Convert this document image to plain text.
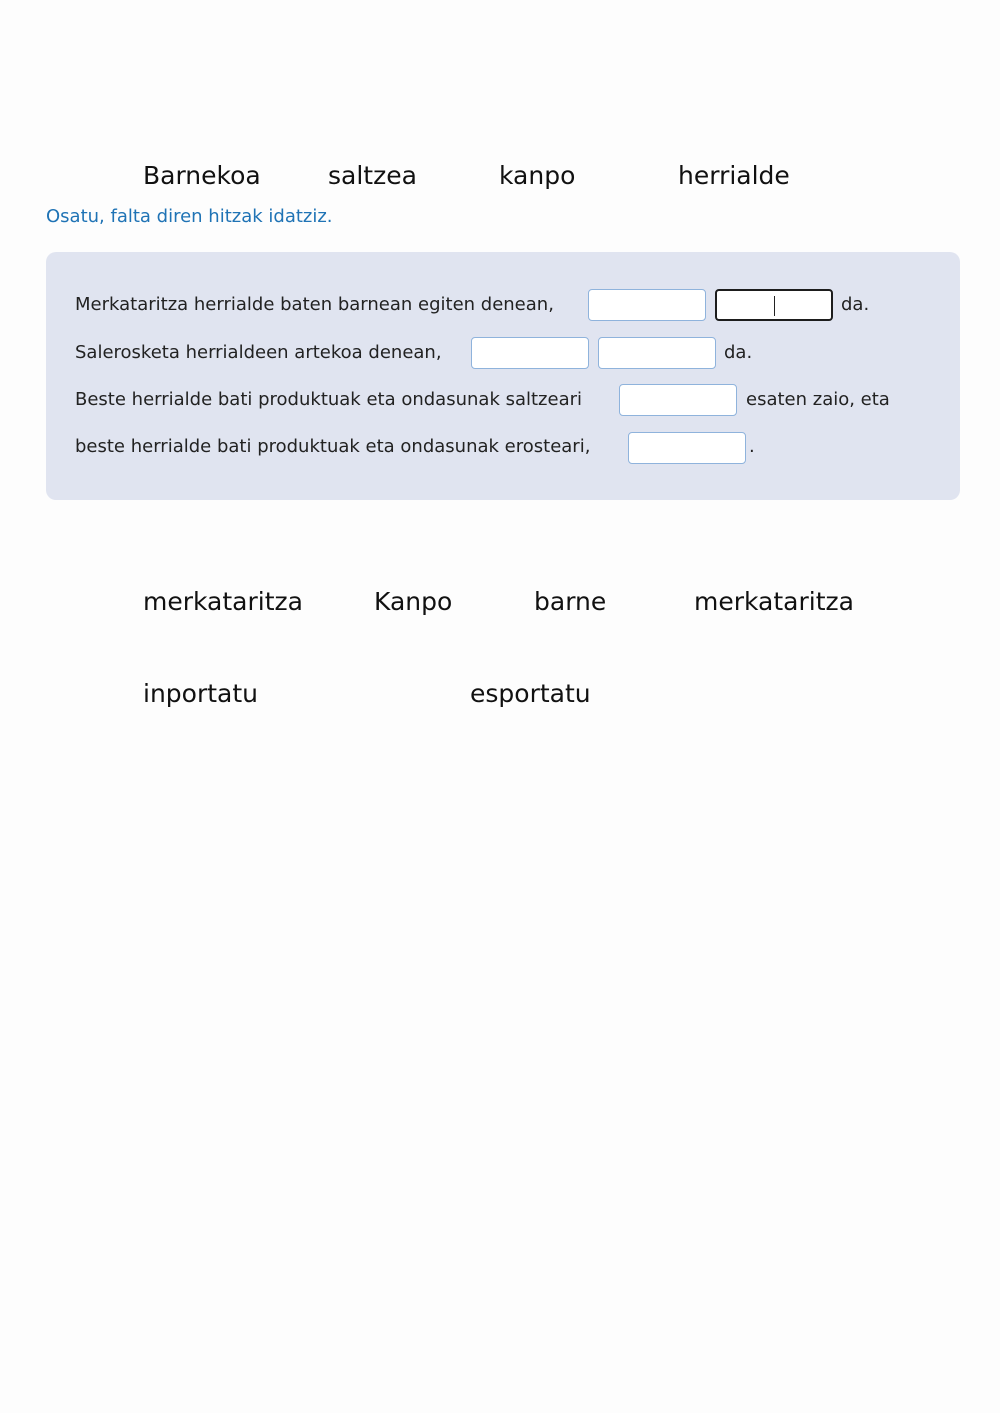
Barnekoa	saltzea	kanpo	herrialde
Osatu, falta diren hitzak idatziz.
Merkataritza herrialde baten barnean egiten denean,	da.
Salerosketa herrialdeen artekoa denean,	da.
Beste herrialde bati produktuak eta ondasunak saltzeari	esaten zaio, eta
beste herrialde bati produktuak eta ondasunak erosteari,	.
merkataritza	Kanpo	barne	merkataritza
inportatu	esportatu
